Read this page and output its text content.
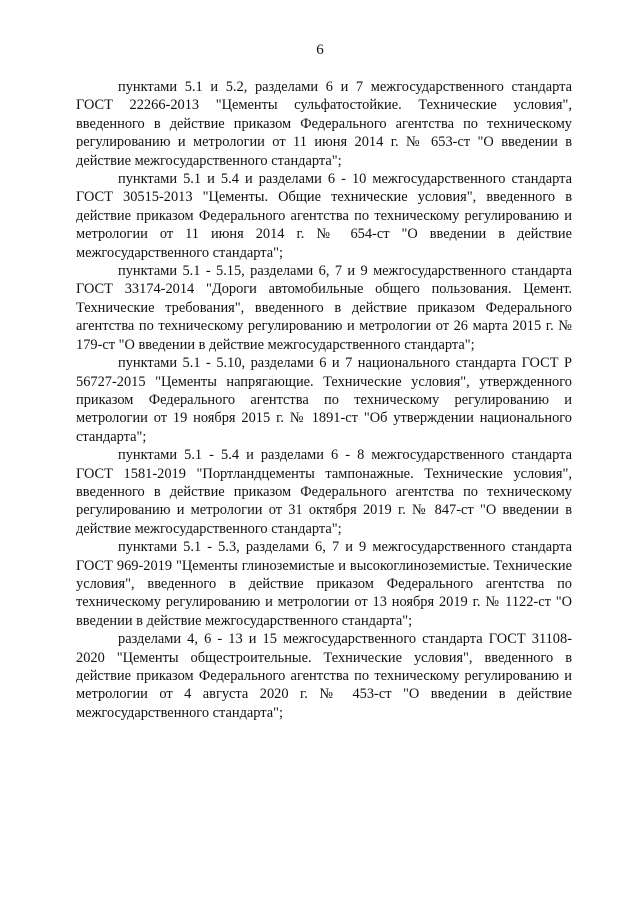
6

пунктами 5.1 и 5.2, разделами 6 и 7 межгосударственного стандарта ГОСТ 22266-2013 "Цементы сульфатостойкие. Технические условия", введенного в действие приказом Федерального агентства по техническому регулированию и метрологии от 11 июня 2014 г. № 653-ст "О введении в действие межгосударственного стандарта";

пунктами 5.1 и 5.4 и разделами 6 - 10 межгосударственного стандарта ГОСТ 30515-2013 "Цементы. Общие технические условия", введенного в действие приказом Федерального агентства по техническому регулированию и метрологии от 11 июня 2014 г. № 654-ст "О введении в действие межгосударственного стандарта";

пунктами 5.1 - 5.15, разделами 6, 7 и 9 межгосударственного стандарта ГОСТ 33174-2014 "Дороги автомобильные общего пользования. Цемент. Технические требования", введенного в действие приказом Федерального агентства по техническому регулированию и метрологии от 26 марта 2015 г. № 179-ст "О введении в действие межгосударственного стандарта";

пунктами 5.1 - 5.10, разделами 6 и 7 национального стандарта ГОСТ Р 56727-2015 "Цементы напрягающие. Технические условия", утвержденного приказом Федерального агентства по техническому регулированию и метрологии от 19 ноября 2015 г. № 1891-ст "Об утверждении национального стандарта";

пунктами 5.1 - 5.4 и разделами 6 - 8 межгосударственного стандарта ГОСТ 1581-2019 "Портландцементы тампонажные. Технические условия", введенного в действие приказом Федерального агентства по техническому регулированию и метрологии от 31 октября 2019 г. № 847-ст "О введении в действие межгосударственного стандарта";

пунктами 5.1 - 5.3, разделами 6, 7 и 9 межгосударственного стандарта ГОСТ 969-2019 "Цементы глиноземистые и высокоглиноземистые. Технические условия", введенного в действие приказом Федерального агентства по техническому регулированию и метрологии от 13 ноября 2019 г. № 1122-ст "О введении в действие межгосударственного стандарта";

разделами 4, 6 - 13 и 15 межгосударственного стандарта ГОСТ 31108-2020 "Цементы общестроительные. Технические условия", введенного в действие приказом Федерального агентства по техническому регулированию и метрологии от 4 августа 2020 г. № 453-ст "О введении в действие межгосударственного стандарта";
